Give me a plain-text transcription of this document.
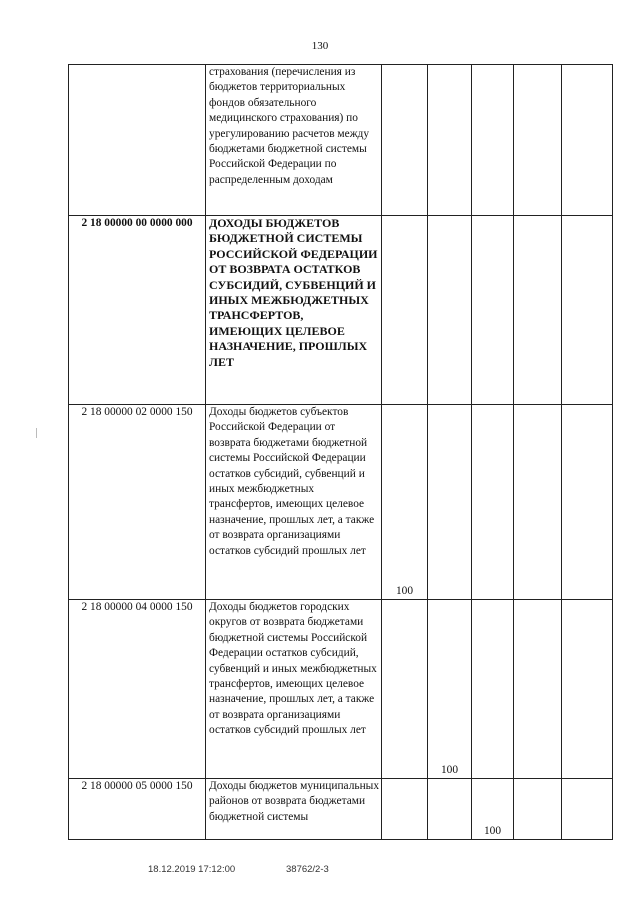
130
	страхования (перечисления из бюджетов территориальных фондов обязательного медицинского страхования) по урегулированию расчетов между бюджетами бюджетной системы Российской Федерации по распределенным доходам					
2 18 00000 00 0000 000	ДОХОДЫ БЮДЖЕТОВ БЮДЖЕТНОЙ СИСТЕМЫ РОССИЙСКОЙ ФЕДЕРАЦИИ ОТ ВОЗВРАТА ОСТАТКОВ СУБСИДИЙ, СУБВЕНЦИЙ И ИНЫХ МЕЖБЮДЖЕТНЫХ ТРАНСФЕРТОВ, ИМЕЮЩИХ ЦЕЛЕВОЕ НАЗНАЧЕНИЕ, ПРОШЛЫХ ЛЕТ					
2 18 00000 02 0000 150	Доходы бюджетов субъектов Российской Федерации от возврата бюджетами бюджетной системы Российской Федерации остатков субсидий, субвенций и иных межбюджетных трансфертов, имеющих целевое назначение, прошлых лет, а также от возврата организациями остатков субсидий прошлых лет	100				
2 18 00000 04 0000 150	Доходы бюджетов городских округов от возврата бюджетами бюджетной системы Российской Федерации остатков субсидий, субвенций и иных межбюджетных трансфертов, имеющих целевое назначение, прошлых лет, а также от возврата организациями остатков субсидий прошлых лет		100			
2 18 00000 05 0000 150	Доходы бюджетов муниципальных районов от возврата бюджетами бюджетной системы			100		
18.12.2019 17:12:00	38762/2-3
